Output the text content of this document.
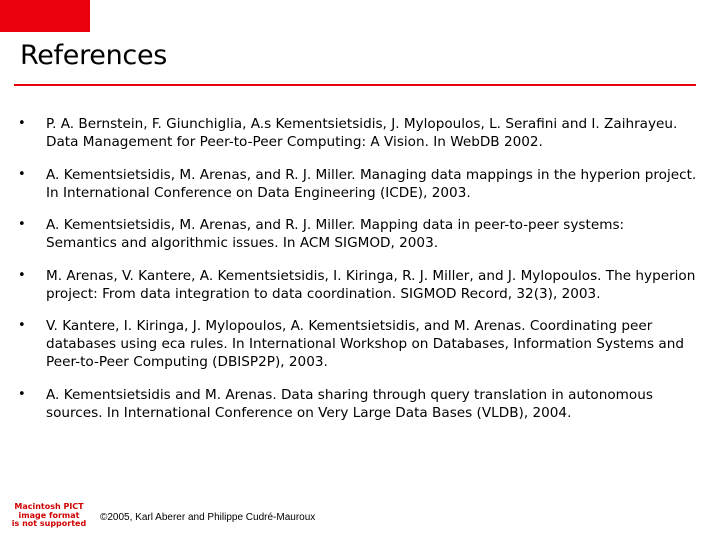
References
•	P. A. Bernstein, F. Giunchiglia, A.s Kementsietsidis, J. Mylopoulos, L. Serafini and I. Zaihrayeu. Data Management for Peer-to-Peer Computing: A Vision. In WebDB 2002.
•	A. Kementsietsidis, M. Arenas, and R. J. Miller. Managing data mappings in the hyperion project. In International Conference on Data Engineering (ICDE), 2003.
•	A. Kementsietsidis, M. Arenas, and R. J. Miller. Mapping data in peer-to-peer systems: Semantics and algorithmic issues. In ACM SIGMOD, 2003.
•	M. Arenas, V. Kantere, A. Kementsietsidis, I. Kiringa, R. J. Miller, and J. Mylopoulos. The hyperion project: From data integration to data coordination. SIGMOD Record, 32(3), 2003.
•	V. Kantere, I. Kiringa, J. Mylopoulos, A. Kementsietsidis, and M. Arenas. Coordinating peer databases using eca rules. In International Workshop on Databases, Information Systems and Peer-to-Peer Computing (DBISP2P), 2003.
•	A. Kementsietsidis and M. Arenas. Data sharing through query translation in autonomous sources. In International Conference on Very Large Data Bases (VLDB), 2004.
Macintosh PICT
image format
is not supported
©2005, Karl Aberer and Philippe Cudré-Mauroux
